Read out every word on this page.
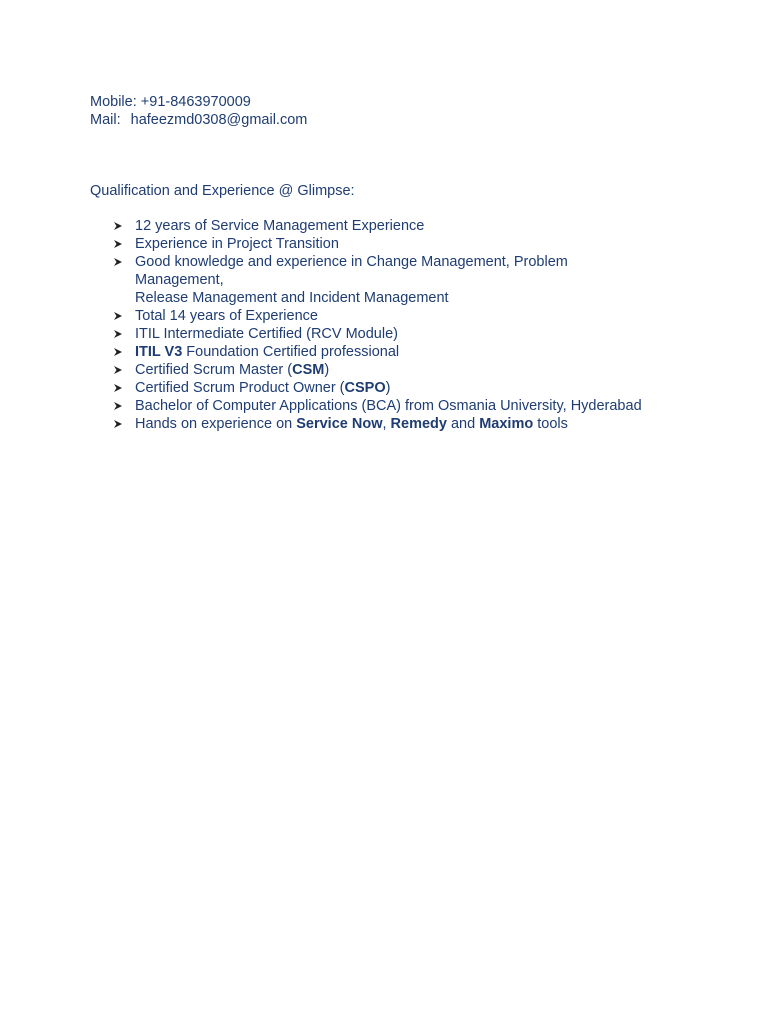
Mobile: +91-8463970009
Mail: hafeezmd0308@gmail.com
Qualification and Experience @ Glimpse:
12 years of Service Management Experience
Experience in Project Transition
Good knowledge and experience in Change Management, Problem
Management,
Release Management and Incident Management
Total 14 years of Experience
ITIL Intermediate Certified (RCV Module)
ITIL V3 Foundation Certified professional
Certified Scrum Master (CSM)
Certified Scrum Product Owner (CSPO)
Bachelor of Computer Applications (BCA) from Osmania University, Hyderabad
Hands on experience on Service Now, Remedy and Maximo tools
